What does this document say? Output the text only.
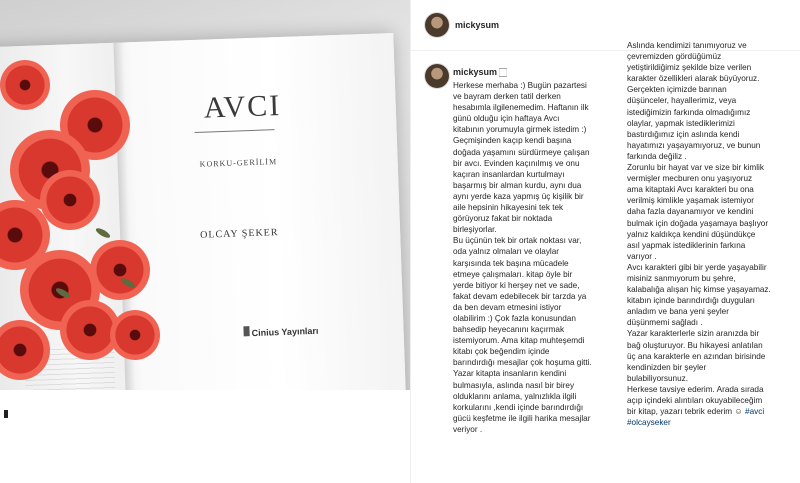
AVCI
KORKU-GERİLİM
OLCAY ŞEKER
Cinius Yayınları
mickysum
mickysum 🏻
Herkese merhaba :) Bugün pazartesi
ve bayram derken tatil derken
hesabımla ilgilenemedim. Haftanın ilk
günü olduğu için haftaya Avcı
kitabının yorumuyla girmek istedim :)
Geçmişinden kaçıp kendi başına
doğada yaşamını sürdürmeye çalışan
bir avcı. Evinden kaçınılmış ve onu
kaçıran insanlardan kurtulmayı
başarmış bir alman kurdu, aynı dua
aynı yerde kaza yapmış üç kişilik bir
aile hepsinin hikayesini tek tek
görüyoruz fakat bir noktada
birleşiyorlar.
Bu üçünün tek bir ortak noktası var,
oda yalnız olmaları ve olaylar
karşısında tek başına mücadele
etmeye çalışmaları. kitap öyle bir
yerde bitiyor ki herşey net ve sade,
fakat devam edebilecek bir tarzda ya
da ben devam etmesini istiyor
olabilirim :) Çok fazla konusundan
bahsedip heyecanını kaçırmak
istemiyorum. Ama kitap muhteşemdi
kitabı çok beğendim içinde
barındırdığı mesajlar çok hoşuma gitti.
Yazar kitapta insanların kendini
bulmasıyla, aslında nasıl bir birey
olduklarını anlama, yalnızlıkla ilgili
korkularını ,kendi içinde barındırdığı
gücü keşfetme ile ilgili harika mesajlar
veriyor .
Aslında kendimizi tanımıyoruz ve
çevremizden gördüğümüz
yetiştirildiğimiz şekilde bize verilen
karakter özellikleri alarak büyüyoruz.
Gerçekten içimizde barınan
düşünceler, hayallerimiz, veya
istediğimizin farkında olmadığımız
olaylar, yapmak istediklerimizi
bastırdığımız için aslında kendi
hayatımızı yaşayamıyoruz, ve bunun
farkında değiliz .
Zorunlu bir hayat var ve size bir kimlik
vermişler mecburen onu yaşıyoruz
ama kitaptaki Avcı karakteri bu ona
verilmiş kimlikle yaşamak istemiyor
daha fazla dayanamıyor ve kendini
bulmak için doğada yaşamaya başlıyor
yalnız kaldıkça kendini düşündükçe
asıl yapmak istediklerinin farkına
varıyor .
Avcı karakteri gibi bir yerde yaşayabilir
misiniz sanmıyorum bu şehre,
kalabalığa alışan hiç kimse yaşayamaz.
kitabın içinde barındırdığı duyguları
anladım ve bana yeni şeyler
düşünmemi sağladı .
Yazar karakterlerle sizin aranızda bir
bağ oluşturuyor. Bu hikayesi anlatılan
üç ana karakterle en azından birisinde
kendinizden bir şeyler
bulabiliyorsunuz.
Herkese tavsiye ederim. Arada sırada
açıp içindeki alıntıları okuyabileceğim
bir kitap, yazarı tebrik ederim ☺ #avci
#olcayseker
